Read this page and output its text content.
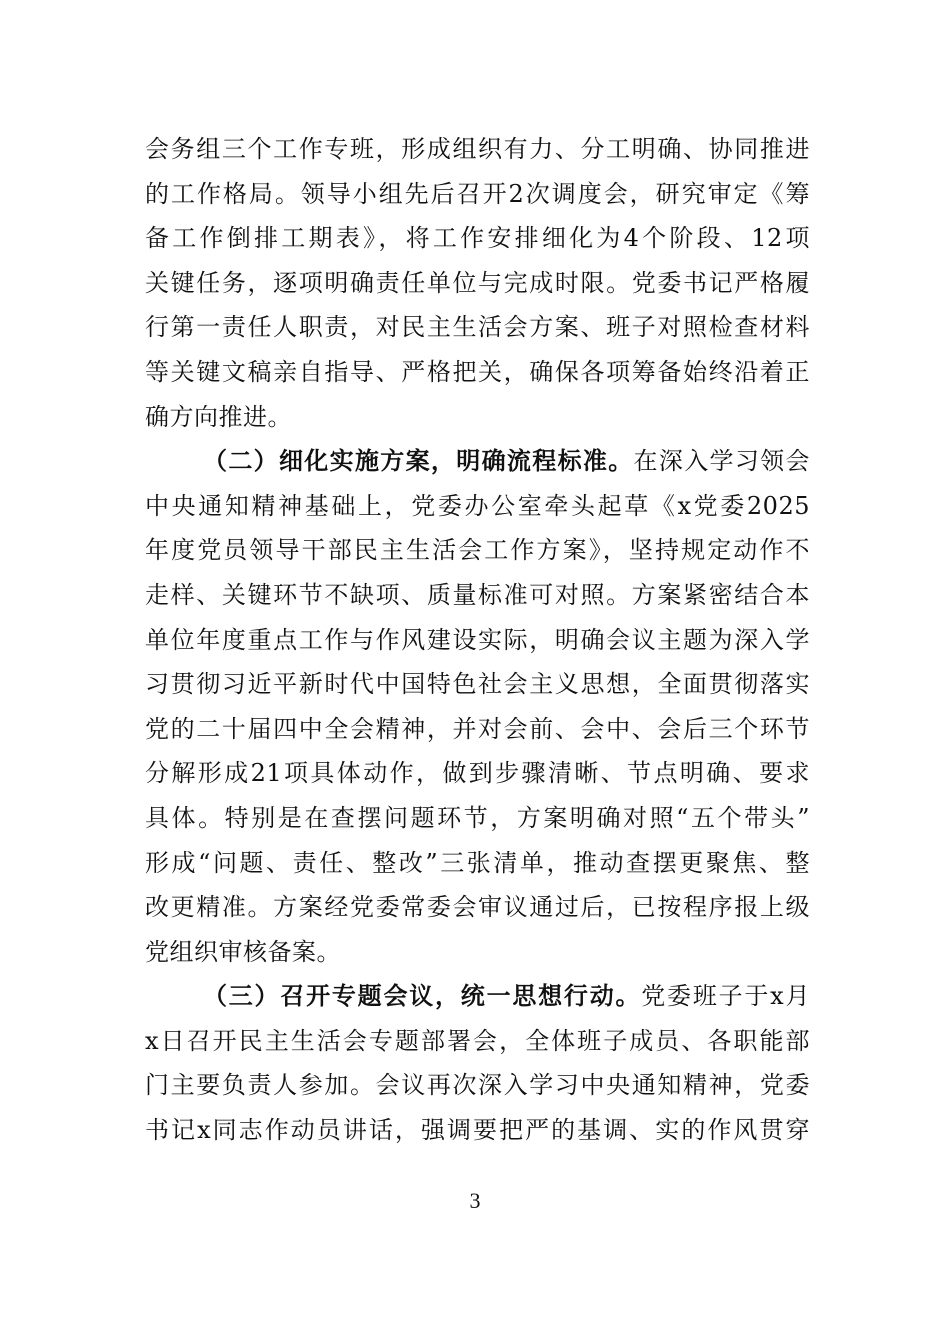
会务组三个工作专班，形成组织有力、分工明确、协同推进
的工作格局。领导小组先后召开2次调度会，研究审定《筹
备工作倒排工期表》，将工作安排细化为4个阶段、12项
关键任务，逐项明确责任单位与完成时限。党委书记严格履
行第一责任人职责，对民主生活会方案、班子对照检查材料
等关键文稿亲自指导、严格把关，确保各项筹备始终沿着正
确方向推进。
（二）细化实施方案，明确流程标准。在深入学习领会
中央通知精神基础上，党委办公室牵头起草《x党委2025
年度党员领导干部民主生活会工作方案》，坚持规定动作不
走样、关键环节不缺项、质量标准可对照。方案紧密结合本
单位年度重点工作与作风建设实际，明确会议主题为深入学
习贯彻习近平新时代中国特色社会主义思想，全面贯彻落实
党的二十届四中全会精神，并对会前、会中、会后三个环节
分解形成21项具体动作，做到步骤清晰、节点明确、要求
具体。特别是在查摆问题环节，方案明确对照“五个带头”
形成“问题、责任、整改”三张清单，推动查摆更聚焦、整
改更精准。方案经党委常委会审议通过后，已按程序报上级
党组织审核备案。
（三）召开专题会议，统一思想行动。党委班子于x月
x日召开民主生活会专题部署会，全体班子成员、各职能部
门主要负责人参加。会议再次深入学习中央通知精神，党委
书记x同志作动员讲话，强调要把严的基调、实的作风贯穿
3
